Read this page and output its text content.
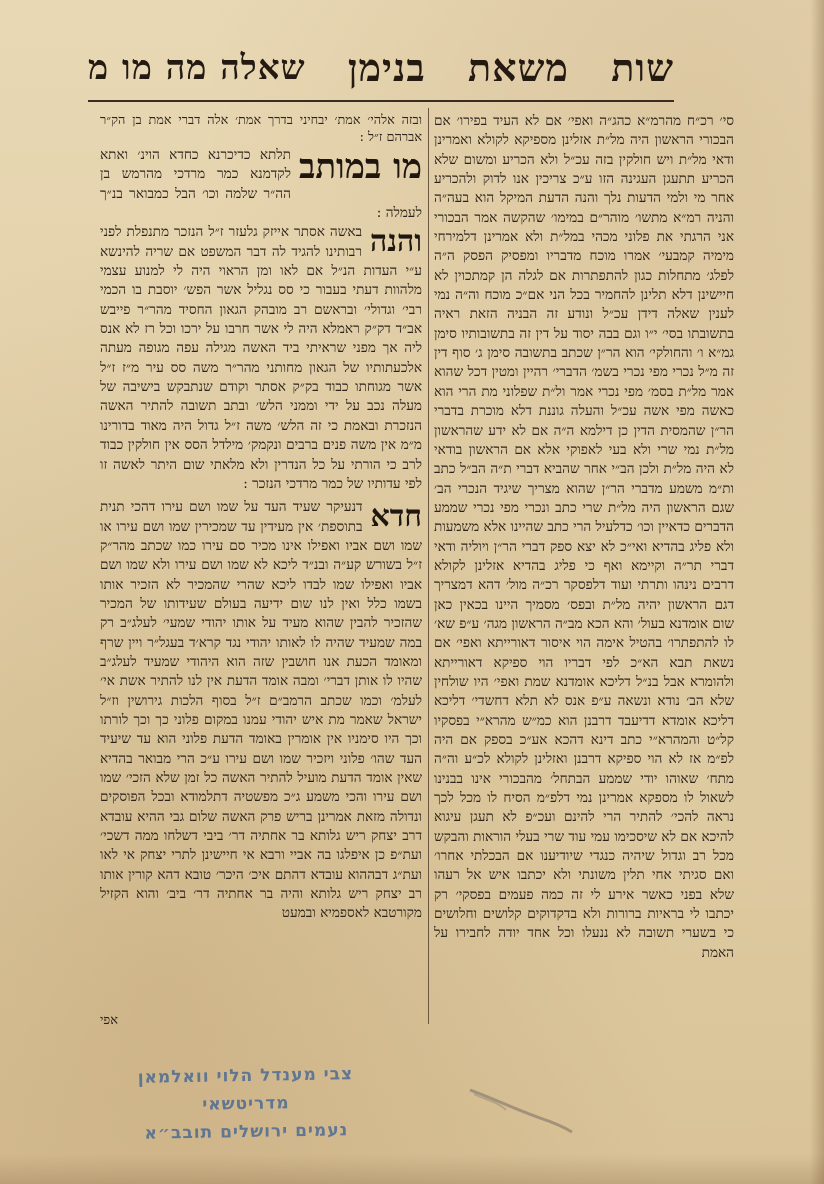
שות
משאת
בנימן
שאלה מה מו מ

סי׳ רכ״ח מהרמ״א כהג״ה ואפי׳ אם לא העיד בפירו׳ אם הבכורי הראשון היה מל״ת אזלינן מספיקא לקולא ואמרינן ודאי מל״ת ויש חולקין בזה עכ״ל ולא הכריע ומשום שלא הכריע תתעגן העגינה הזו ע״כ צריכין אנו לדוק ולהכריע אחר מי ולמי הדעות נלך והנה הדעת המיקל הוא בעה״ה והניה רמ״א מתשו׳ מוהר״ם במימו׳ שהקשה אמר הבכורי אני הרגתי את פלוני מכהי במל״ת ולא אמרינן דלמירחי מימיה קמבעי׳ אמרו מוכח מדבריו ומפסיק הפסק ה״ה לפלג׳ מתחלות כגון להתפתרות אם לגלה הן קמתכוין לא חיישינן דלא תלינן להחמיר בכל הני אם״כ מוכח וה״ה נמי לענין שאלה דידן עכ״ל ונודע זה הבניה הזאת ראיה בתשובתו בסי׳ י״ו וגם בבה יסוד על דין זה בתשובותיו סימן גמ״א ו׳ והחולקי׳ הוא הר״ן שכתב בתשובה סימן ג׳ סוף דין זה מ״ל נכרי מפי נכרי בשמ׳ הדברי׳ רהיין ומטין דכל שהוא אמר מל״ת בסמ׳ מפי נכרי אמר ול״ת שפלוני מת הרי הוא כאשה מפי אשה עכ״ל והעלה גוננת דלא מוכרת בדברי הר״ן שהמסית הדין כן דילמא ה״ה אם לא ידע שהראשון מל״ת נמי שרי ולא בעי לאפוקי אלא אם הראשון בודאי לא היה מל״ת ולכן הב״י אחר שהביא דברי ת״ה הב״ל כתב ות״מ משמע מדברי הר״ן שהוא מצריך שיגיד הנכרי הב׳ שגם הראשון היה מל״ת שרי כתב ונכרי מפי נכרי שממע הדברים כדאיין וכו׳ כדלעיל הרי כתב שהיינו אלא משמעות ולא פליג בהדיא ואי״כ לא יצא ספק דברי הר״ן ויוליה ודאי דברי תר״ה וקיימא ואף כי פליג בהדיא אזלינן לקולא דרבים נינהו ותרתי ועוד דלפסקר רכ״ה מול׳ דהא דמצריך דגם הראשון יהיה מל״ת ובפס׳ מסמיך היינו בכאין כאן שום אומדנא בעול׳ והא הכא מב״ה הראשון מגה׳ ע״פ שא׳ לו להתפתרו׳ בהטיל אימה הוי איסור דאורייתא ואפי׳ אם נשאת תבא הא״כ לפי דבריו הוי ספיקא דאורייתא ולהומרא אבל בנ״ל דליכא אומדנא שמת ואפי׳ היו שולחין שלא הב׳ נודא ונשאה ע״פ אנס לא תלא דחשדי׳ דליכא דליכא אומדא דדיעבד דרבנן הוא כמ״ש מהרא״י בפסקיו קל״ט והמהרא״י כתב דינא דהכא אע״כ בספק אם היה לפ״מ אז לא הוי ספיקא דרבנן ואזלינן לקולא לכ״ע וה״ה מתח׳ שאוהו יודי שממע הבתחל׳ מהבכורי אינו בבנינו לשאול לו מספקא אמרינן נמי דלפ״מ הסיח לו מכל לכך נראה להכי׳ להתיר הרי להינם ועכ״פ לא תעגן עיגוא להיכא אם לא שיסכימו עמי עוד שרי בעלי הוראות והבקש מכל רב וגדול שיהיה כנגדי שיודיענו אם הבכלתי אחרו׳ ואם סגיתי אחי תלין משונתי ולא יכתבו איש אל רעהו שלא בפני כאשר אירע לי זה כמה פעמים בפסקי׳ רק יכתבו לי בראיות ברורות ולא בדקדוקים קלושים וחלושים כי בשערי תשובה לא ננעלו וכל אחד יודה לחבירו על האמת

ובזה אלהי׳ אמת׳ יבחיני בדרך אמת׳ אלה דברי אמת בן הק״ר אברהם ז״ל :

מו במותב
תלתא כדיכרנא כחדא הוינ׳ ואתא לקדמנא כמר מרדכי מהרמש בן הה״ר שלמה וכו׳ הבל כמבואר בנ״ך לעמלה :

והנה
באשה אסתר אייזק גלעזר ז״ל הנזכר מתנפלת לפני רבותינו להגיד לה דבר המשפט אם שריה להינשא ע״י העדות הנ״ל אם לאו ומן הראוי היה לי למנוע עצמי מלהוות דעתי בעבור כי סס נגליל אשר הפש׳ יוסבת בו הכמי רבי׳ וגדולי׳ ובראשם רב מובהק הגאון החסיד מהר״ר פייבש אב״ד דק״ק ראמלא היה לי אשר חרבו על ירכו וכל רז לא אנס ליה אך מפני שראיתי ביד האשה מגילה עפה מגופה מעתה אלכעתותיו של הגאון מחותני מהר״ר משה סס עיר מ״ז ז״ל אשר מגוחתו כבוד בק״ק אסתר וקודם שנתבקש בישיבה של מעלה נכב על ידי וממני הלש׳ ובתב תשובה להתיר האשה הנזכרת ובאמת כי זה הלש׳ משה ז״ל גדול היה מאוד בדורינו מ״מ אין משה פנים ברבים ונקמק׳ מילדל הסס אין חולקין כבוד לרב כי הורתי על כל הנדרין ולא מלאתי שום היתר לאשה זו לפי עדותיו של כמר מרדכי הנזכר :

חדא
דנעיקר שעיד העד על שמו ושם עירו דהכי תנית בתוספת׳ אין מעידין עד שמכירין שמו ושם עירו או שמו ושם אביו ואפילו אינו מכיר סם עירו כמו שכתב מהר״ק ז״ל בשורש קע״ה ובנ״ד ליכא לא שמו ושם עירו ולא שמו ושם אביו ואפילו שמו לבדו ליכא שהרי שהמכיר לא הזכיר אותו בשמו כלל ואין לנו שום ידיעה בעולם שעידותו של המכיר שהזכיר להבין שהוא מעיד על אותו יהודי שמעי׳ לעלג״ב רק במה שמעיד שהיה לו לאותו יהודי נגד קרא׳ד בעגל״ר ויין שרף ומאומד הכעת אנו חושבין שזה הוא היהודי שמעיד לעלג״ב שהיו לו אותן דברי׳ ומבה אומד הדעת אין לנו להתיר אשת אי׳ לעלמ׳ וכמו שכתב הרמב״ם ז״ל בסוף הלכות גירושין וז״ל ישראל שאמר מת איש יהודי עמנו במקום פלוני כך וכך לורתו וכך היו סימניו אין אומרין באומד הדעת פלוני הוא עד שיעיד העד שהו׳ פלוני ויזכיר שמו ושם עירו ע״כ הרי מבואר בהדיא שאין אומד הדעת מועיל להתיר האשה כל זמן שלא הזכי׳ שמו ושם עירו והכי משמע ג״כ מפשטיה דתלמודא ובכל הפוסקים ונדולה מזאת אמרינן בריש פרק האשה שלום גבי ההיא עובדא דרב יצחק ריש גלותא בר אחתיה דר׳ ביבי דשלחו ממה דשכי׳ ועת״פ כן איפלגו בה אביי ורבא אי חיישינן לתרי יצחק אי לאו ועת״ג דבההוא עובדא דהתם איכ׳ היכר׳ טובא דהא קורין אותו רב יצחק ריש גלותא והיה בר אחתיה דר׳ ביב׳ והוא הקזיל מקורטבא לאספמיא ובמעט

אפי
צבי מענדל הלוי וואלמאן
מדריטשאי
נעמים ירושלים תובב״א
